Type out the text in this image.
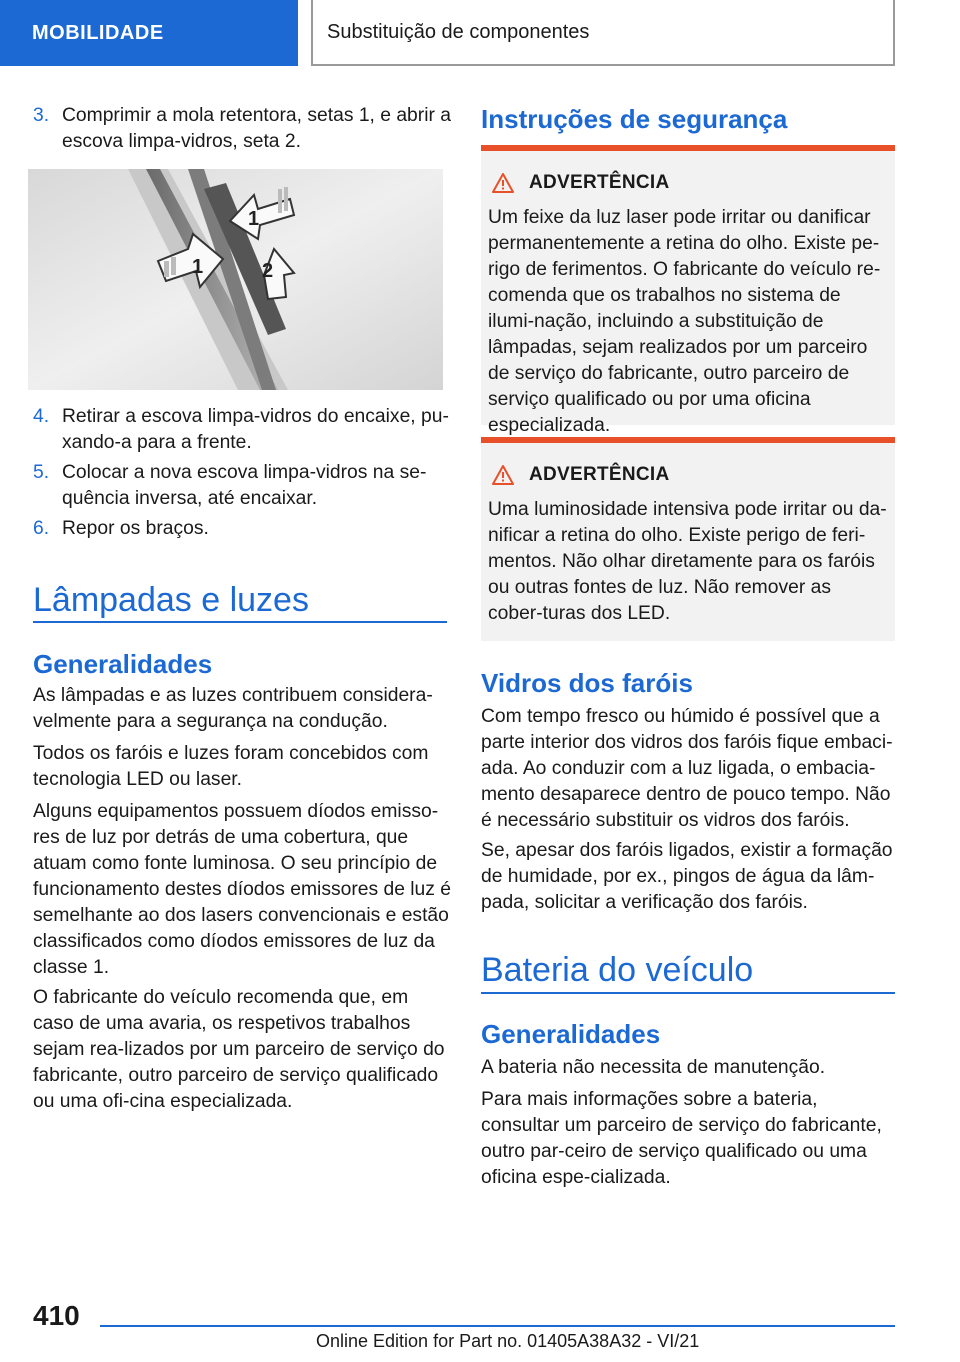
MOBILIDADE	Substituição de componentes
3. Comprimir a mola retentora, setas 1, e abrir a escova limpa-vidros, seta 2.
1
1
2
4. Retirar a escova limpa-vidros do encaixe, pu-xando-a para a frente.
5. Colocar a nova escova limpa-vidros na se-quência inversa, até encaixar.
6. Repor os braços.
Lâmpadas e luzes
Generalidades
As lâmpadas e as luzes contribuem considera-velmente para a segurança na condução.
Todos os faróis e luzes foram concebidos com tecnologia LED ou laser.
Alguns equipamentos possuem díodos emisso-res de luz por detrás de uma cobertura, que atuam como fonte luminosa. O seu princípio de funcionamento destes díodos emissores de luz é semelhante ao dos lasers convencionais e estão classificados como díodos emissores de luz da classe 1.
O fabricante do veículo recomenda que, em caso de uma avaria, os respetivos trabalhos sejam rea-lizados por um parceiro de serviço do fabricante, outro parceiro de serviço qualificado ou uma ofi-cina especializada.
Instruções de segurança
ADVERTÊNCIA
Um feixe da luz laser pode irritar ou danificar permanentemente a retina do olho. Existe pe-rigo de ferimentos. O fabricante do veículo re-comenda que os trabalhos no sistema de ilumi-nação, incluindo a substituição de lâmpadas, sejam realizados por um parceiro de serviço do fabricante, outro parceiro de serviço qualificado ou por uma oficina especializada.
ADVERTÊNCIA
Uma luminosidade intensiva pode irritar ou da-nificar a retina do olho. Existe perigo de feri-mentos. Não olhar diretamente para os faróis ou outras fontes de luz. Não remover as cober-turas dos LED.
Vidros dos faróis
Com tempo fresco ou húmido é possível que a parte interior dos vidros dos faróis fique embaci-ada. Ao conduzir com a luz ligada, o embacia-mento desaparece dentro de pouco tempo. Não é necessário substituir os vidros dos faróis.
Se, apesar dos faróis ligados, existir a formação de humidade, por ex., pingos de água da lâm-pada, solicitar a verificação dos faróis.
Bateria do veículo
Generalidades
A bateria não necessita de manutenção.
Para mais informações sobre a bateria, consultar um parceiro de serviço do fabricante, outro par-ceiro de serviço qualificado ou uma oficina espe-cializada.
410
Online Edition for Part no. 01405A38A32 - VI/21
